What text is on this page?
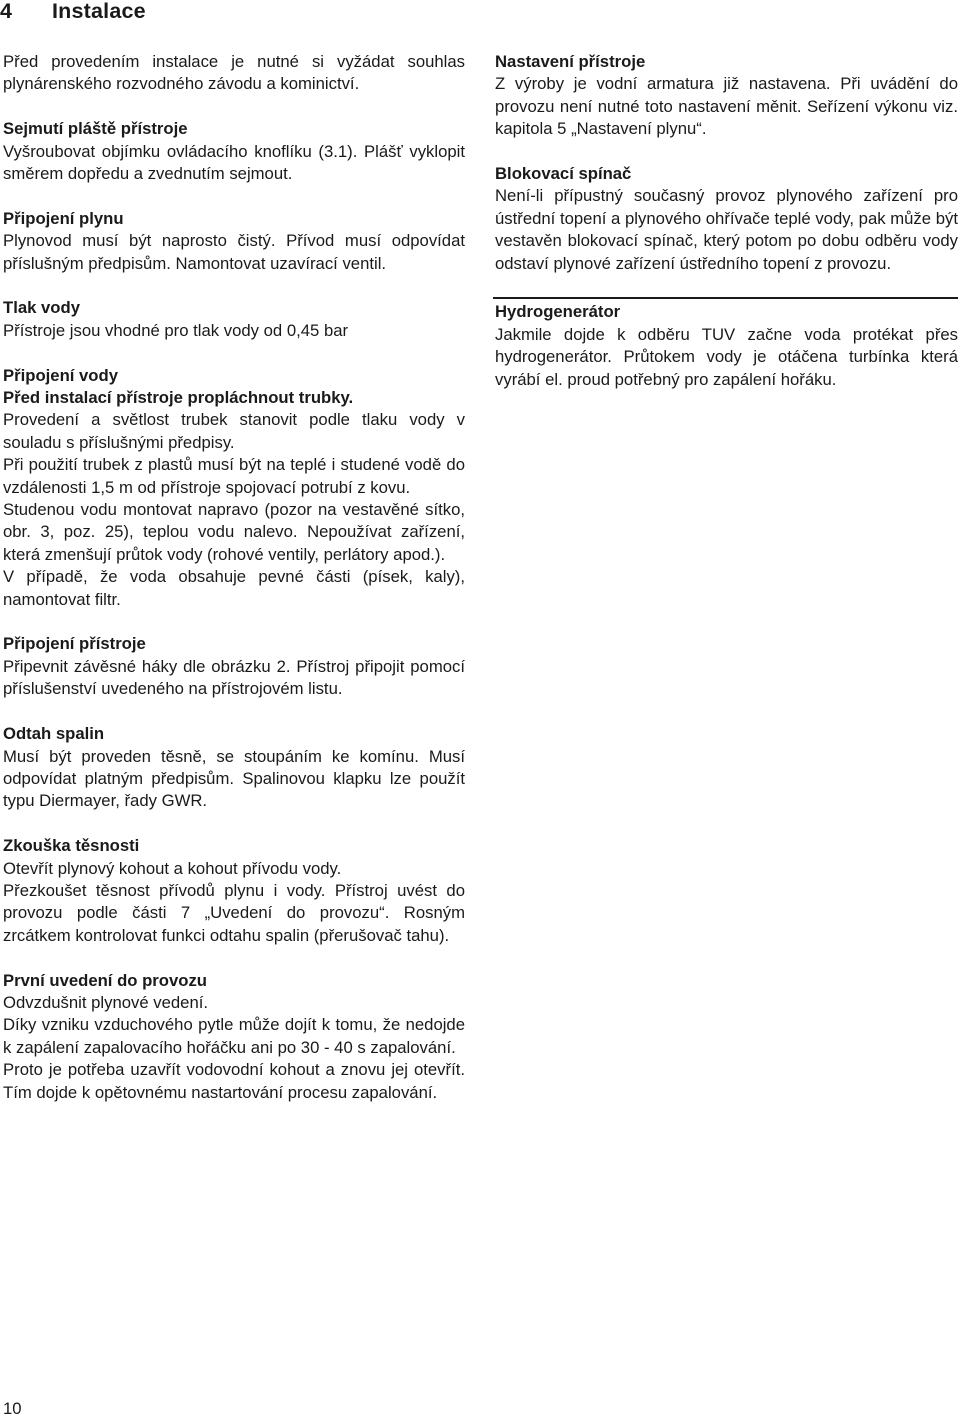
4 Instalace

Před provedením instalace je nutné si vyžádat souhlas plynárenského rozvodného závodu a kominictví.

Sejmutí pláště přístroje

Vyšroubovat objímku ovládacího knoflíku (3.1). Plášť vyklopit směrem dopředu a zvednutím sejmout.

Připojení plynu

Plynovod musí být naprosto čistý. Přívod musí odpovídat příslušným předpisům. Namontovat uzavírací ventil.

Tlak vody

Přístroje jsou vhodné pro tlak vody od 0,45 bar

Připojení vody

Před instalací přístroje propláchnout trubky.

Provedení a světlost trubek stanovit podle tlaku vody v souladu s příslušnými předpisy.

Při použití trubek z plastů musí být na teplé i studené vodě do vzdálenosti 1,5 m od přístroje spojovací potrubí z kovu.

Studenou vodu montovat napravo (pozor na vestavěné sítko, obr. 3, poz. 25), teplou vodu nalevo. Nepoužívat zařízení, která zmenšují průtok vody (rohové ventily, perlátory apod.).

V případě, že voda obsahuje pevné části (písek, kaly), namontovat filtr.

Připojení přístroje

Připevnit závěsné háky dle obrázku 2. Přístroj připojit pomocí příslušenství uvedeného na přístrojovém listu.

Odtah spalin

Musí být proveden těsně, se stoupáním ke komínu. Musí odpovídat platným předpisům. Spalinovou klapku lze použít typu Diermayer, řady GWR.

Zkouška těsnosti

Otevřít plynový kohout a kohout přívodu vody.

Přezkoušet těsnost přívodů plynu i vody. Přístroj uvést do provozu podle části 7 „Uvedení do provozu“. Rosným zrcátkem kontrolovat funkci odtahu spalin (přerušovač tahu).

První uvedení do provozu

Odvzdušnit plynové vedení.

Díky vzniku vzduchového pytle může dojít k tomu, že nedojde k zapálení zapalovacího hořáčku ani po 30 - 40 s zapalování.

Proto je potřeba uzavřít vodovodní kohout a znovu jej otevřít. Tím dojde k opětovnému nastartování procesu zapalování.

Nastavení přístroje

Z výroby je vodní armatura již nastavena. Při uvádění do provozu není nutné toto nastavení měnit. Seřízení výkonu viz. kapitola 5 „Nastavení plynu“.

Blokovací spínač

Není-li přípustný současný provoz plynového zařízení pro ústřední topení a plynového ohřívače teplé vody, pak může být vestavěn blokovací spínač, který potom po dobu odběru vody odstaví plynové zařízení ústředního topení z provozu.

Hydrogenerátor

Jakmile dojde k odběru TUV začne voda protékat přes hydrogenerátor. Průtokem vody je otáčena turbínka která vyrábí el. proud potřebný pro zapálení hořáku.

10
